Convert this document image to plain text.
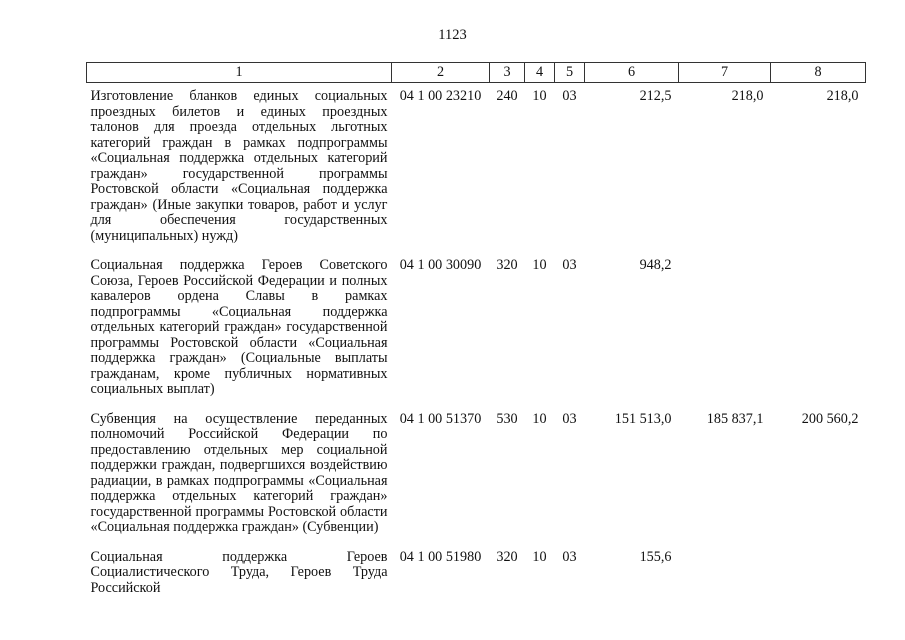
1123
1	2	3	4	5	6	7	8
Изготовление бланков единых социальных проездных билетов и единых проездных талонов для проезда отдельных льготных категорий граждан в рамках подпрограммы «Социальная поддержка отдельных категорий граждан» государственной программы Ростовской области «Социальная поддержка граждан» (Иные закупки товаров, работ и услуг для обеспечения государственных (муниципальных) нужд)	04 1 00 23210	240	10	03	212,5	218,0	218,0
Социальная поддержка Героев Советского Союза, Героев Российской Федерации и полных кавалеров ордена Славы в рамках подпрограммы «Социальная поддержка отдельных категорий граждан» государственной программы Ростовской области «Социальная поддержка граждан» (Социальные выплаты гражданам, кроме публичных нормативных социальных выплат)	04 1 00 30090	320	10	03	948,2		
Субвенция на осуществление переданных полномочий Российской Федерации по предоставлению отдельных мер социальной поддержки граждан, подвергшихся воздействию радиации, в рамках подпрограммы «Социальная поддержка отдельных категорий граждан» государственной программы Ростовской области «Социальная поддержка граждан» (Субвенции)	04 1 00 51370	530	10	03	151 513,0	185 837,1	200 560,2
Социальная поддержка Героев Социалистического Труда, Героев Труда Российской	04 1 00 51980	320	10	03	155,6		
